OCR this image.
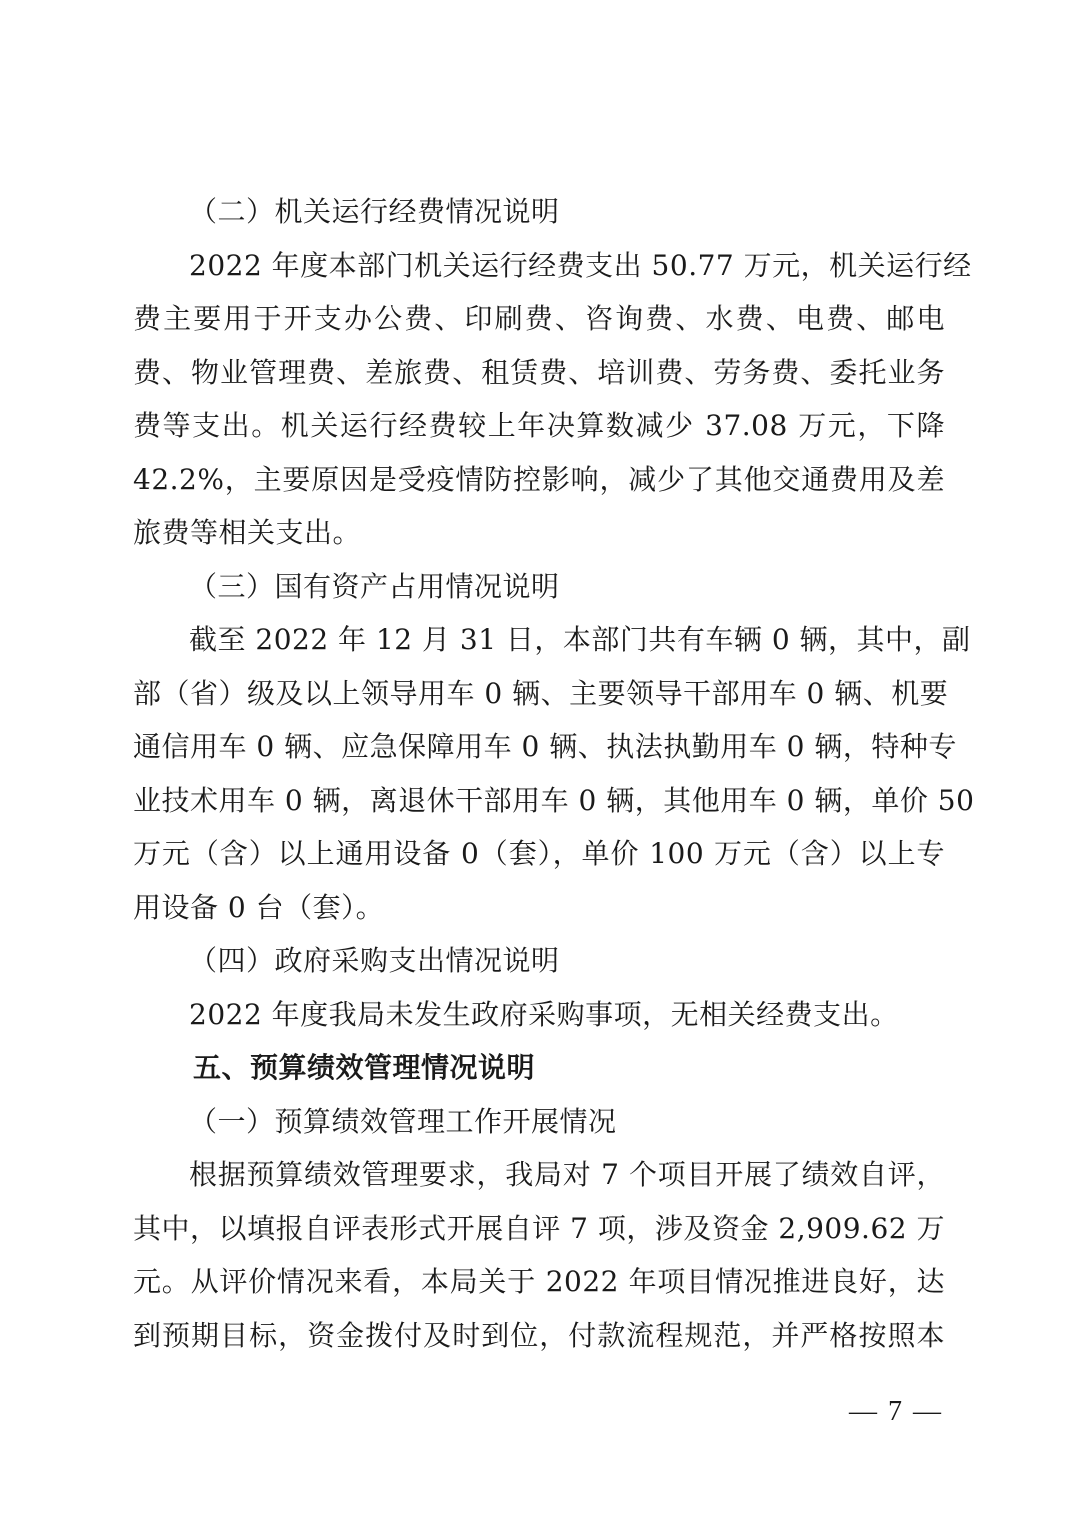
（二）机关运行经费情况说明
2022 年度本部门机关运行经费支出 50.77 万元，机关运行经
费主要用于开支办公费、印刷费、咨询费、水费、电费、邮电
费、物业管理费、差旅费、租赁费、培训费、劳务费、委托业务
费等支出。机关运行经费较上年决算数减少 37.08 万元，下降
42.2%，主要原因是受疫情防控影响，减少了其他交通费用及差
旅费等相关支出。
（三）国有资产占用情况说明
截至 2022 年 12 月 31 日，本部门共有车辆 0 辆，其中，副
部（省）级及以上领导用车 0 辆、主要领导干部用车 0 辆、机要
通信用车 0 辆、应急保障用车 0 辆、执法执勤用车 0 辆，特种专
业技术用车 0 辆，离退休干部用车 0 辆，其他用车 0 辆，单价 50
万元（含）以上通用设备 0（套），单价 100 万元（含）以上专
用设备 0 台（套）。
（四）政府采购支出情况说明
2022 年度我局未发生政府采购事项，无相关经费支出。
五、预算绩效管理情况说明
（一）预算绩效管理工作开展情况
根据预算绩效管理要求，我局对 7 个项目开展了绩效自评，
其中，以填报自评表形式开展自评 7 项，涉及资金 2,909.62 万
元。从评价情况来看，本局关于 2022 年项目情况推进良好，达
到预期目标，资金拨付及时到位，付款流程规范，并严格按照本
— 7 —
